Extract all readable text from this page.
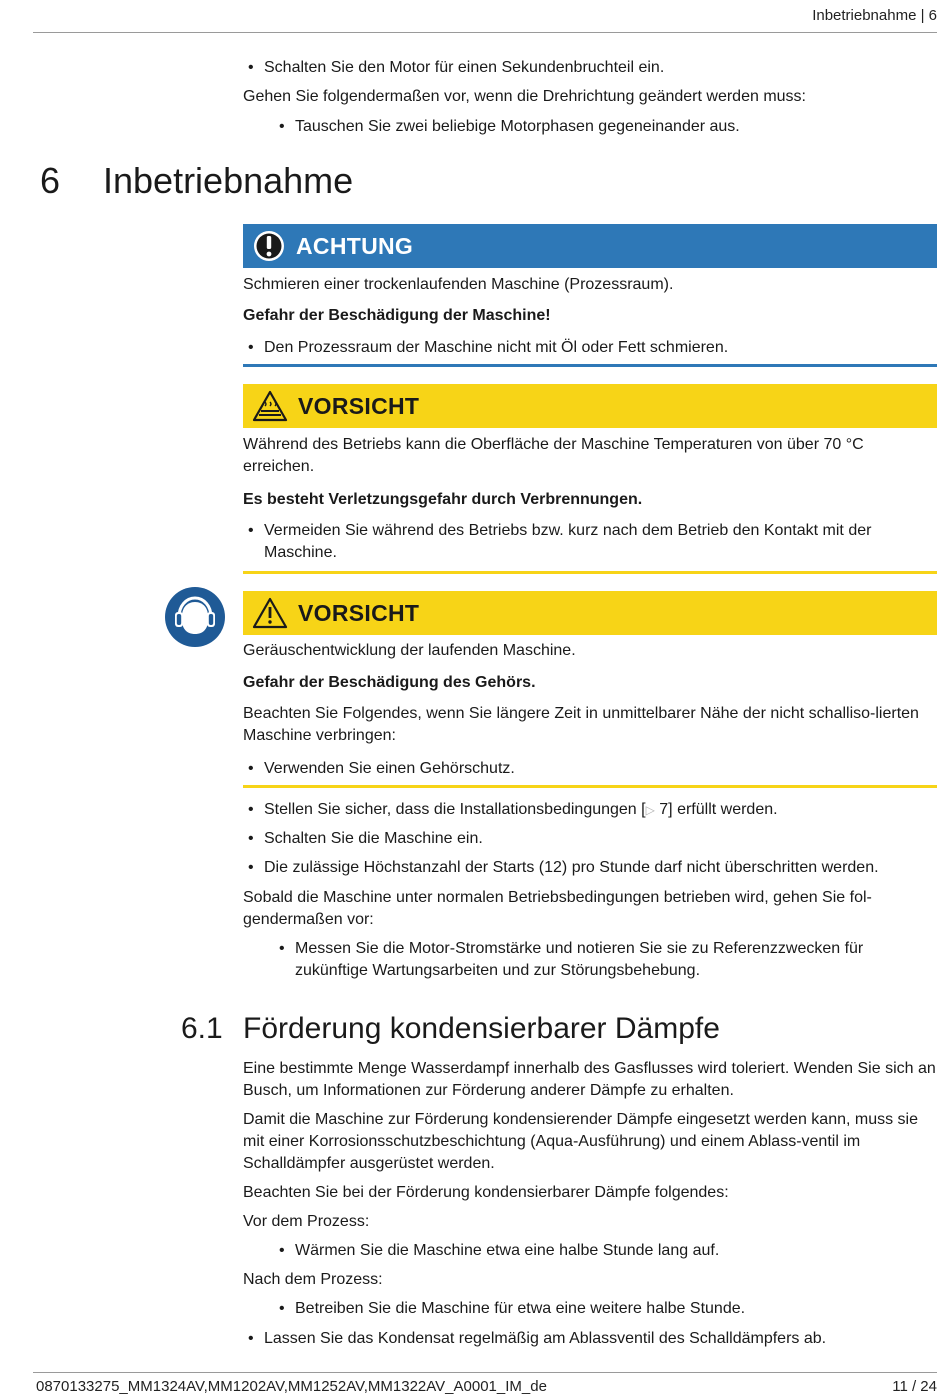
Inbetriebnahme | 6
• Schalten Sie den Motor für einen Sekundenbruchteil ein.
Gehen Sie folgendermaßen vor, wenn die Drehrichtung geändert werden muss:
• Tauschen Sie zwei beliebige Motorphasen gegeneinander aus.
6 Inbetriebnahme
ACHTUNG
Schmieren einer trockenlaufenden Maschine (Prozessraum).
Gefahr der Beschädigung der Maschine!
• Den Prozessraum der Maschine nicht mit Öl oder Fett schmieren.
VORSICHT
Während des Betriebs kann die Oberfläche der Maschine Temperaturen von über 70 °C erreichen.
Es besteht Verletzungsgefahr durch Verbrennungen.
• Vermeiden Sie während des Betriebs bzw. kurz nach dem Betrieb den Kontakt mit der Maschine.
VORSICHT
Geräuschentwicklung der laufenden Maschine.
Gefahr der Beschädigung des Gehörs.
Beachten Sie Folgendes, wenn Sie längere Zeit in unmittelbarer Nähe der nicht schalliso-lierten Maschine verbringen:
• Verwenden Sie einen Gehörschutz.
• Stellen Sie sicher, dass die Installationsbedingungen [▷ 7] erfüllt werden.
• Schalten Sie die Maschine ein.
• Die zulässige Höchstanzahl der Starts (12) pro Stunde darf nicht überschritten werden.
Sobald die Maschine unter normalen Betriebsbedingungen betrieben wird, gehen Sie fol-gendermaßen vor:
• Messen Sie die Motor-Stromstärke und notieren Sie sie zu Referenzzwecken für zukünftige Wartungsarbeiten und zur Störungsbehebung.
6.1 Förderung kondensierbarer Dämpfe
Eine bestimmte Menge Wasserdampf innerhalb des Gasflusses wird toleriert. Wenden Sie sich an Busch, um Informationen zur Förderung anderer Dämpfe zu erhalten.
Damit die Maschine zur Förderung kondensierender Dämpfe eingesetzt werden kann, muss sie mit einer Korrosionsschutzbeschichtung (Aqua-Ausführung) und einem Ablass-ventil im Schalldämpfer ausgerüstet werden.
Beachten Sie bei der Förderung kondensierbarer Dämpfe folgendes:
Vor dem Prozess:
• Wärmen Sie die Maschine etwa eine halbe Stunde lang auf.
Nach dem Prozess:
• Betreiben Sie die Maschine für etwa eine weitere halbe Stunde.
• Lassen Sie das Kondensat regelmäßig am Ablassventil des Schalldämpfers ab.
0870133275_MM1324AV,MM1202AV,MM1252AV,MM1322AV_A0001_IM_de	11 / 24
